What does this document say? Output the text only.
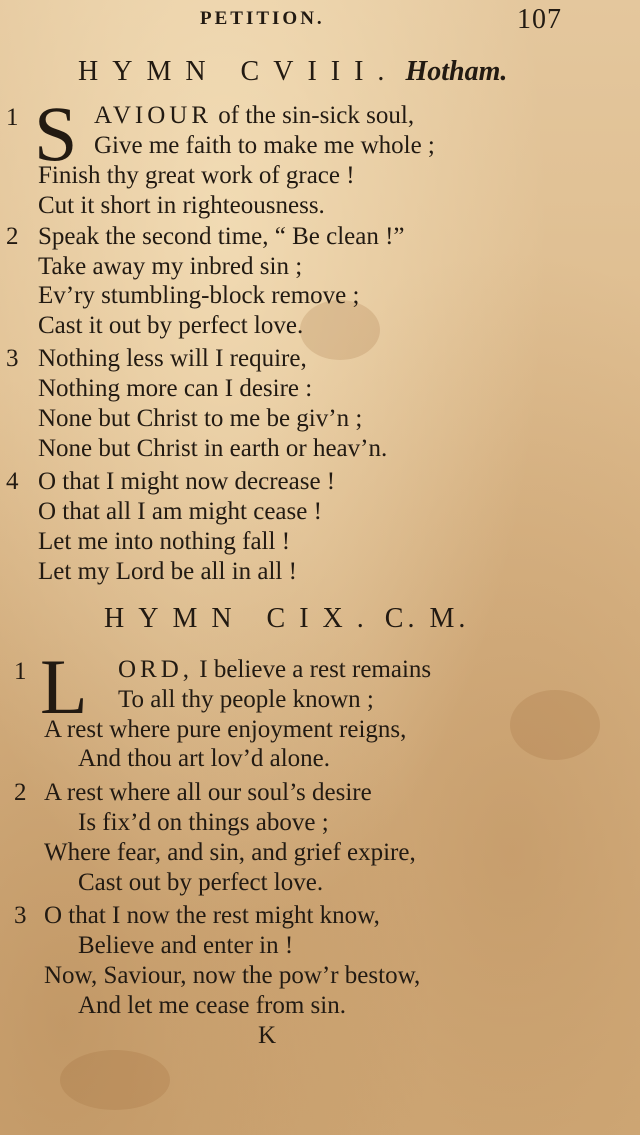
PETITION.	107
HYMN CVIII. Hotham.
1 S AVIOUR of the sin-sick soul,
Give me faith to make me whole ;
Finish thy great work of grace !
Cut it short in righteousness.
2 Speak the second time, “ Be clean !”
Take away my inbred sin ;
Ev’ry stumbling-block remove ;
Cast it out by perfect love.
3 Nothing less will I require,
Nothing more can I desire :
None but Christ to me be giv’n ;
None but Christ in earth or heav’n.
4 O that I might now decrease !
O that all I am might cease !
Let me into nothing fall !
Let my Lord be all in all !
HYMN CIX. C. M.
1 L ORD, I believe a rest remains
To all thy people known ;
A rest where pure enjoyment reigns,
And thou art lov’d alone.
2 A rest where all our soul’s desire
Is fix’d on things above ;
Where fear, and sin, and grief expire,
Cast out by perfect love.
3 O that I now the rest might know,
Believe and enter in !
Now, Saviour, now the pow’r bestow,
And let me cease from sin.
K
